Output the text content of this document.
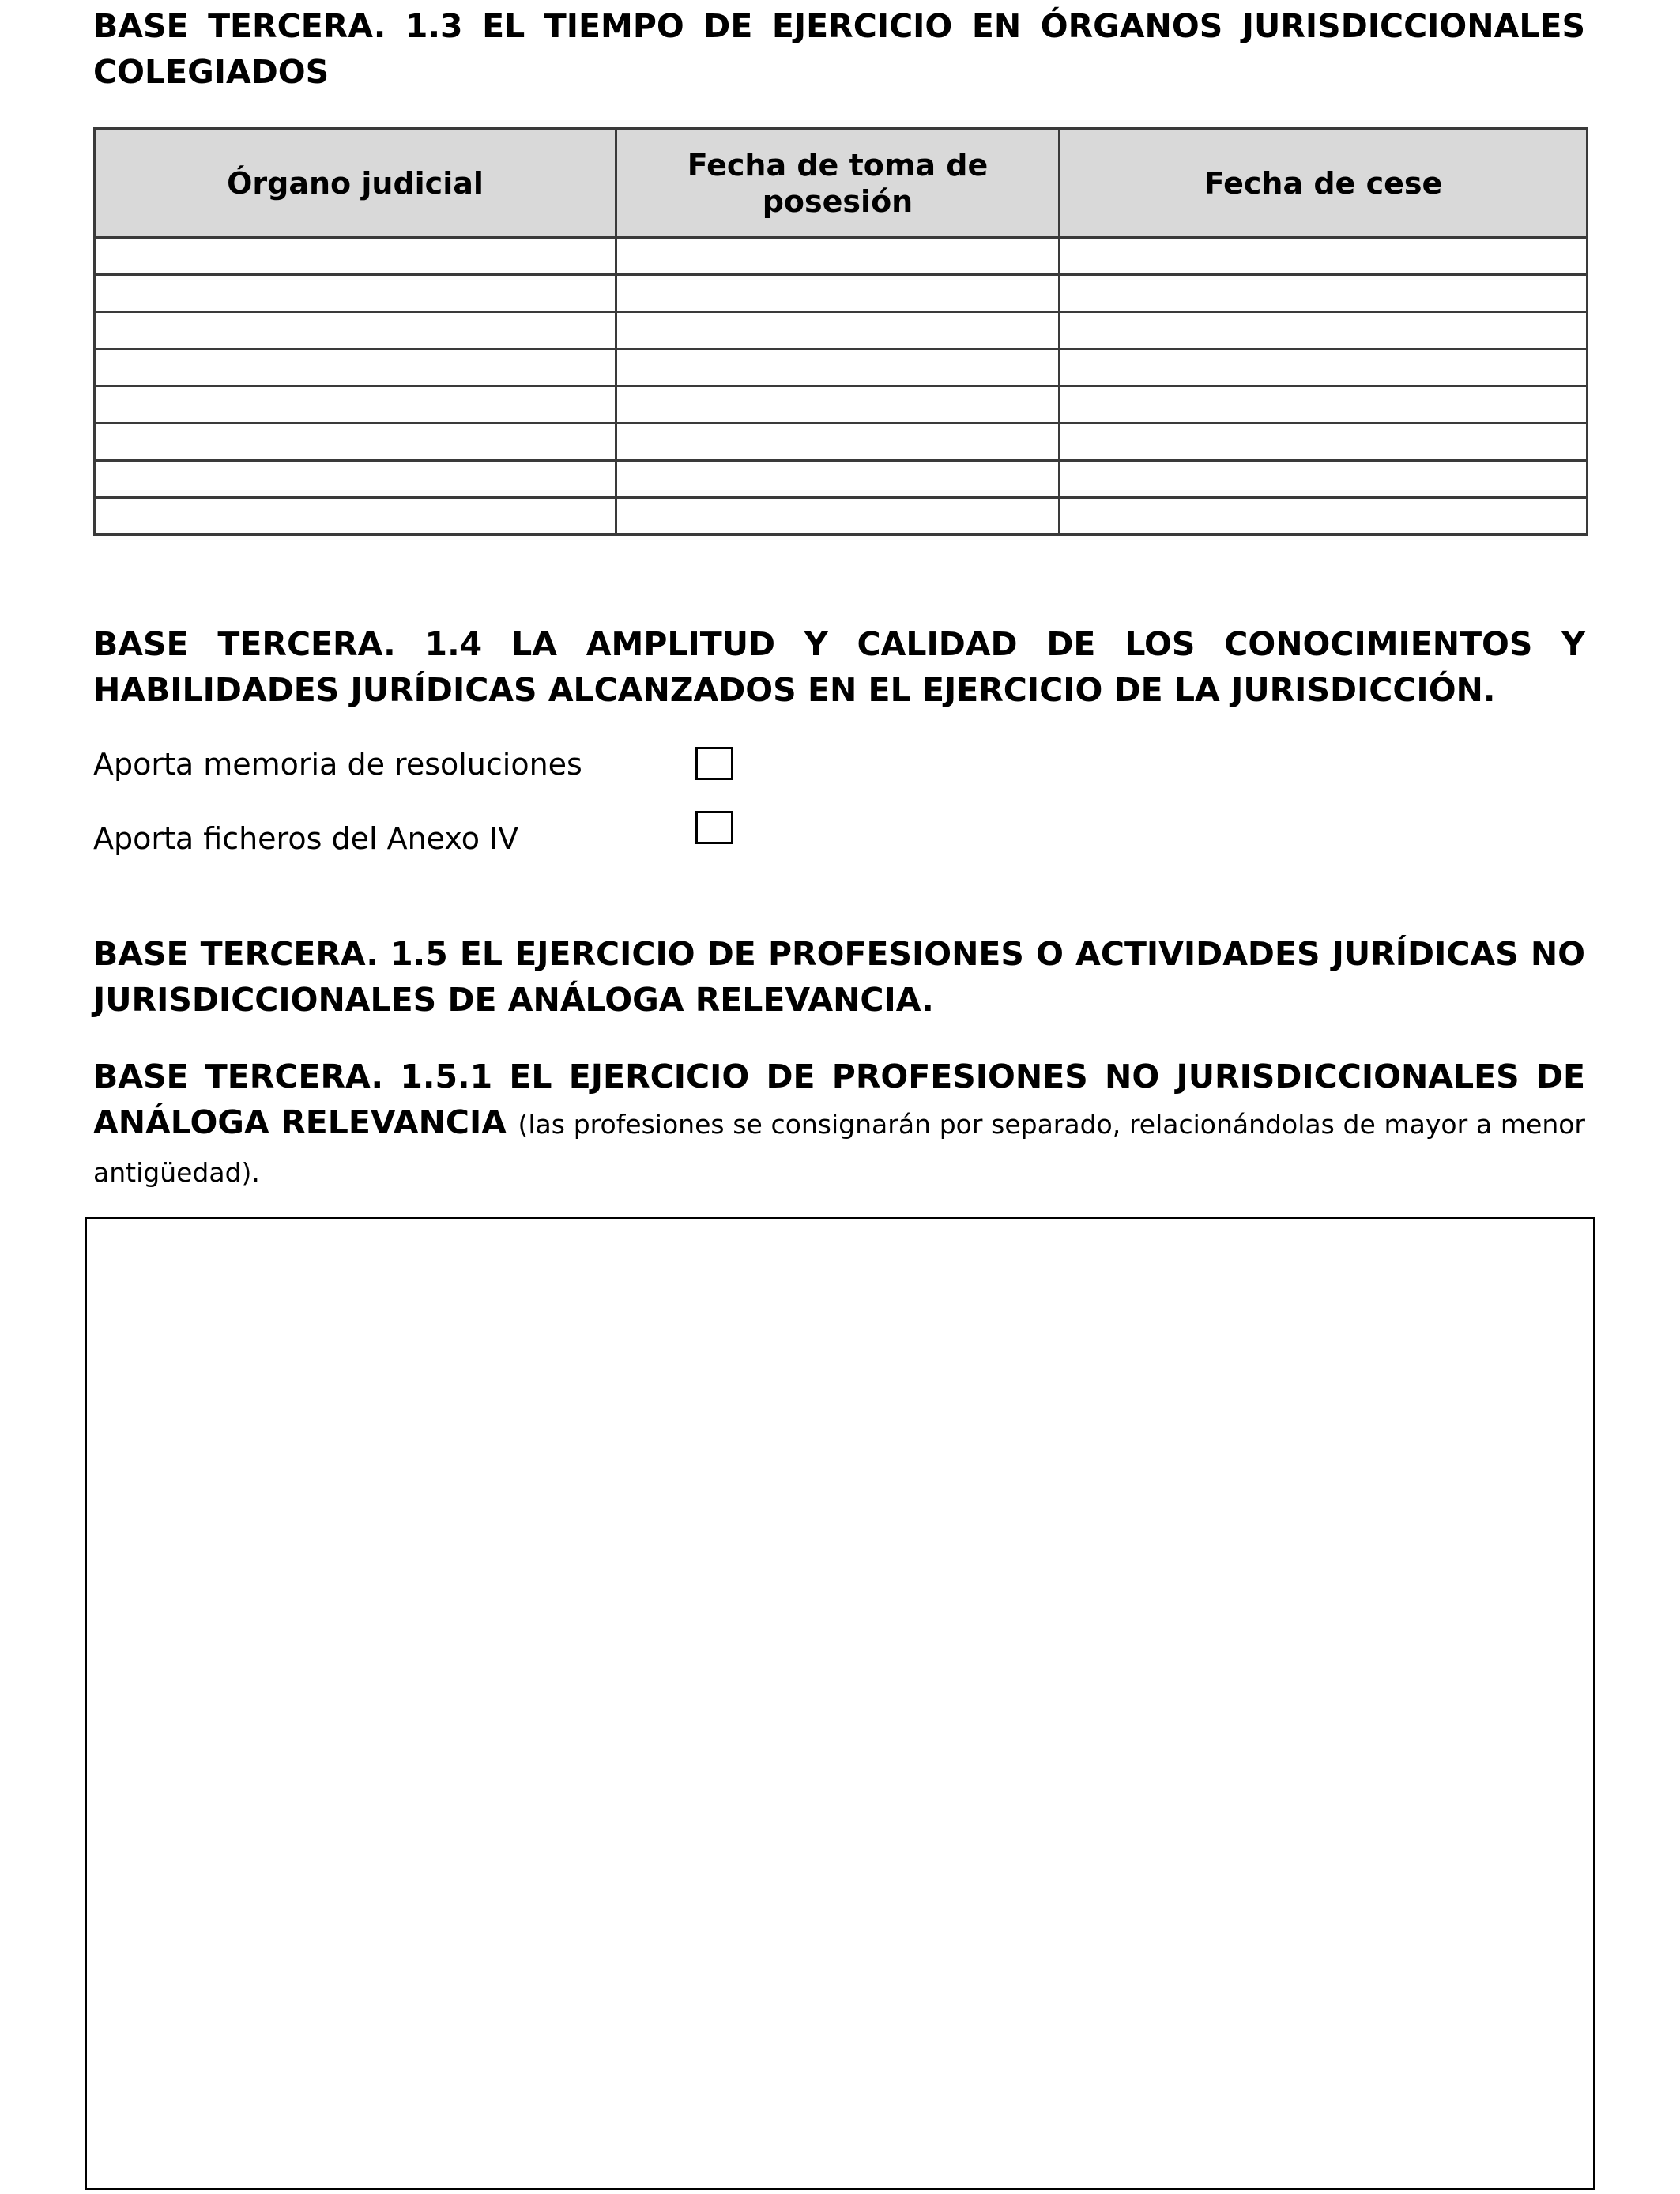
BASE TERCERA. 1.3 EL TIEMPO DE EJERCICIO EN ÓRGANOS JURISDICCIONALES COLEGIADOS

Órgano judicial	Fecha de toma de posesión	Fecha de cese

BASE TERCERA. 1.4 LA AMPLITUD Y CALIDAD DE LOS CONOCIMIENTOS Y HABILIDADES JURÍDICAS ALCANZADOS EN EL EJERCICIO DE LA JURISDICCIÓN.

Aporta memoria de resoluciones

Aporta ficheros del Anexo IV

BASE TERCERA. 1.5 EL EJERCICIO DE PROFESIONES O ACTIVIDADES JURÍDICAS NO JURISDICCIONALES DE ANÁLOGA RELEVANCIA.

BASE TERCERA. 1.5.1 EL EJERCICIO DE PROFESIONES NO JURISDICCIONALES DE ANÁLOGA RELEVANCIA (las profesiones se consignarán por separado, relacionándolas de mayor a menor antigüedad).
